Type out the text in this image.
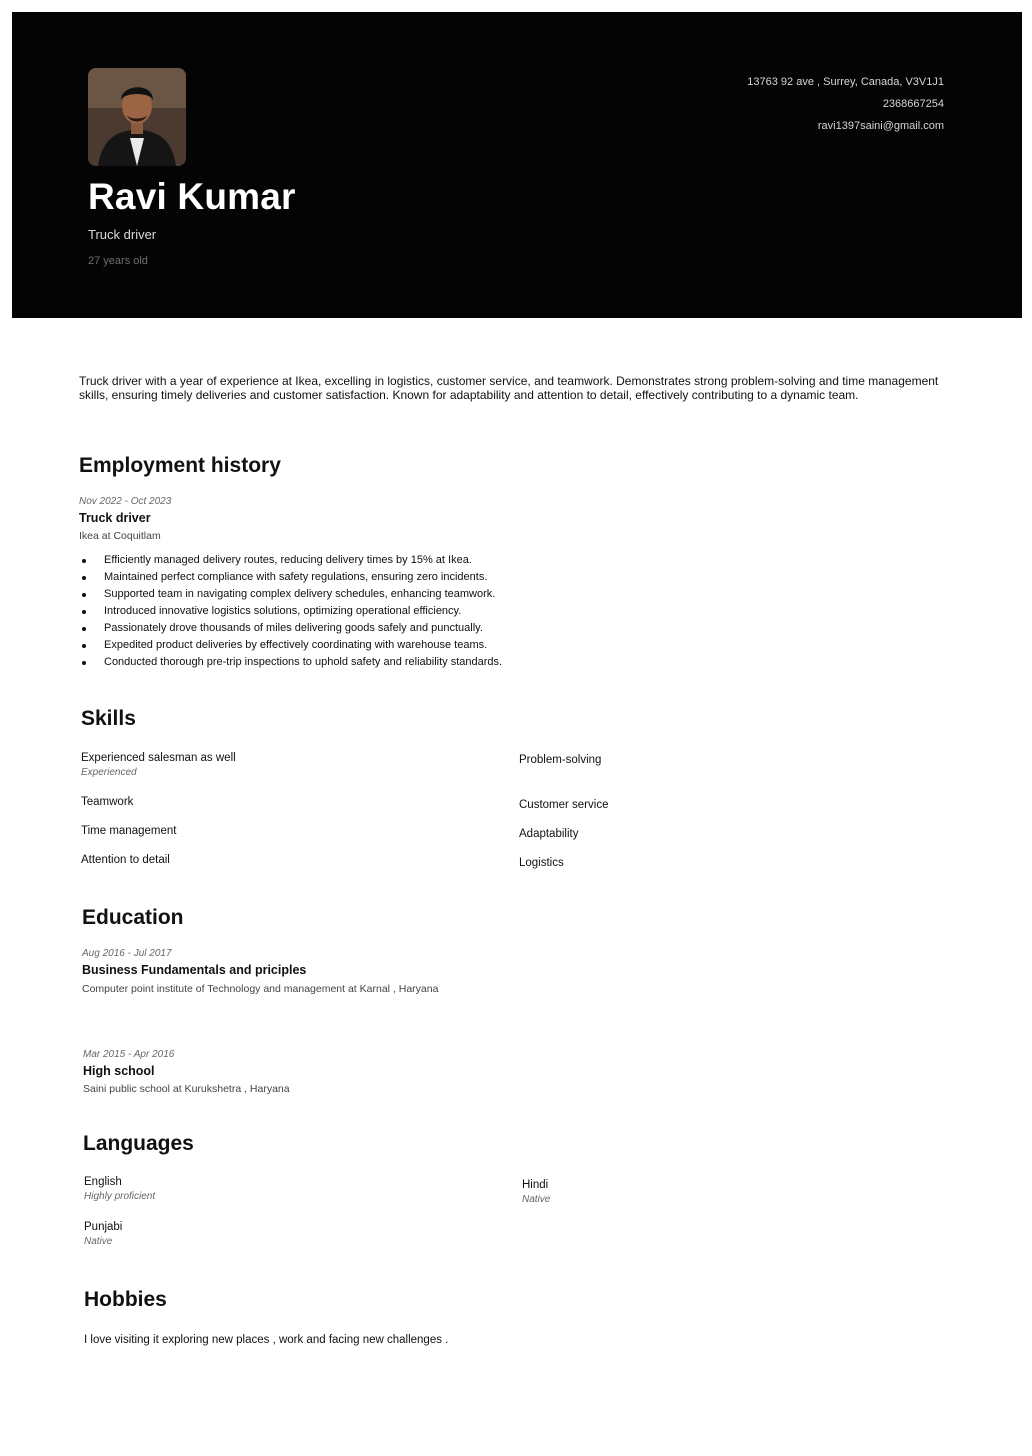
Ravi Kumar
Truck driver
27 years old
13763 92 ave , Surrey, Canada, V3V1J1
2368667254
ravi1397saini@gmail.com
Truck driver with a year of experience at Ikea, excelling in logistics, customer service, and teamwork. Demonstrates strong problem-solving and time management skills, ensuring timely deliveries and customer satisfaction. Known for adaptability and attention to detail, effectively contributing to a dynamic team.
Employment history
Nov 2022 - Oct 2023
Truck driver
Ikea at Coquitlam
Efficiently managed delivery routes, reducing delivery times by 15% at Ikea.
Maintained perfect compliance with safety regulations, ensuring zero incidents.
Supported team in navigating complex delivery schedules, enhancing teamwork.
Introduced innovative logistics solutions, optimizing operational efficiency.
Passionately drove thousands of miles delivering goods safely and punctually.
Expedited product deliveries by effectively coordinating with warehouse teams.
Conducted thorough pre-trip inspections to uphold safety and reliability standards.
Skills
Experienced salesman as well
Experienced
Problem-solving
Teamwork	Customer service
Time management	Adaptability
Attention to detail	Logistics
Education
Aug 2016 - Jul 2017
Business Fundamentals and priciples
Computer point institute of Technology and management at Karnal , Haryana
Mar 2015 - Apr 2016
High school
Saini public school at Kurukshetra , Haryana
Languages
English
Highly proficient
Hindi
Native
Punjabi
Native
Hobbies
I love visiting it exploring new places , work and facing new challenges .
